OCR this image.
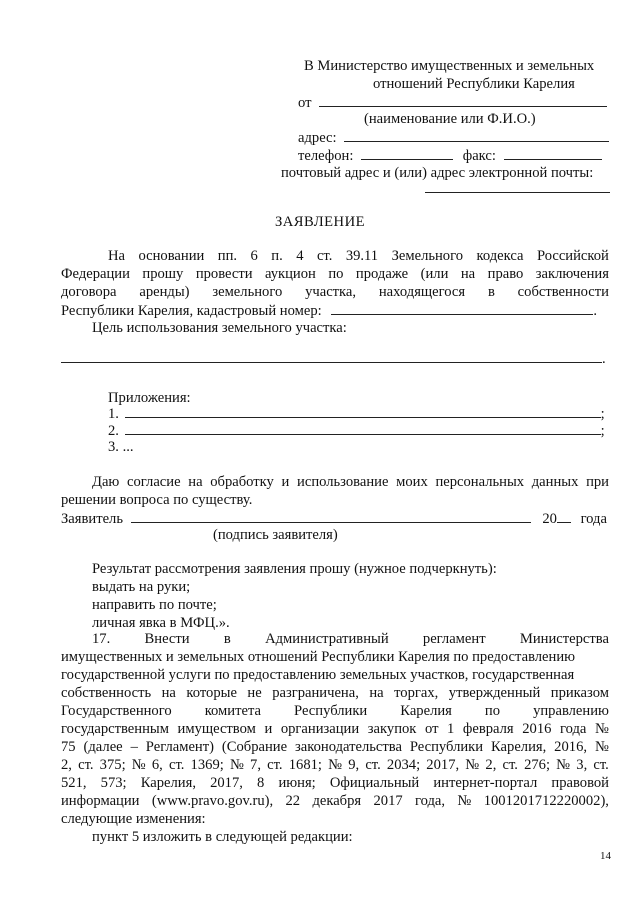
В Министерство имущественных и земельных
отношений Республики Карелия
от
(наименование или Ф.И.О.)
адрес:
телефон:	факс:
почтовый адрес и (или) адрес электронной почты:
ЗАЯВЛЕНИЕ
На основании пп. 6 п. 4 ст. 39.11 Земельного кодекса Российской
Федерации прошу провести аукцион по продаже (или на право заключения
договора аренды) земельного участка, находящегося в собственности
Республики Карелия, кадастровый номер:	.
Цель использования земельного участка:
.
Приложения:
1.	;
2.	;
3. ...
Даю согласие на обработку и использование моих персональных данных при
решении вопроса по существу.
Заявитель	20 года
(подпись заявителя)
Результат рассмотрения заявления прошу (нужное подчеркнуть):
выдать на руки;
направить по почте;
личная явка в МФЦ.».
17. Внести в Административный регламент Министерства
имущественных и земельных отношений Республики Карелия по предоставлению
государственной услуги по предоставлению земельных участков, государственная
собственность на которые не разграничена, на торгах, утвержденный приказом
Государственного комитета Республики Карелия по управлению
государственным имуществом и организации закупок от 1 февраля 2016 года №
75 (далее – Регламент) (Собрание законодательства Республики Карелия, 2016, №
2, ст. 375; № 6, ст. 1369; № 7, ст. 1681; № 9, ст. 2034; 2017, № 2, ст. 276; № 3, ст.
521, 573; Карелия, 2017, 8 июня; Официальный интернет-портал правовой
информации (www.pravo.gov.ru), 22 декабря 2017 года, № 1001201712220002),
следующие изменения:
пункт 5 изложить в следующей редакции:
14
